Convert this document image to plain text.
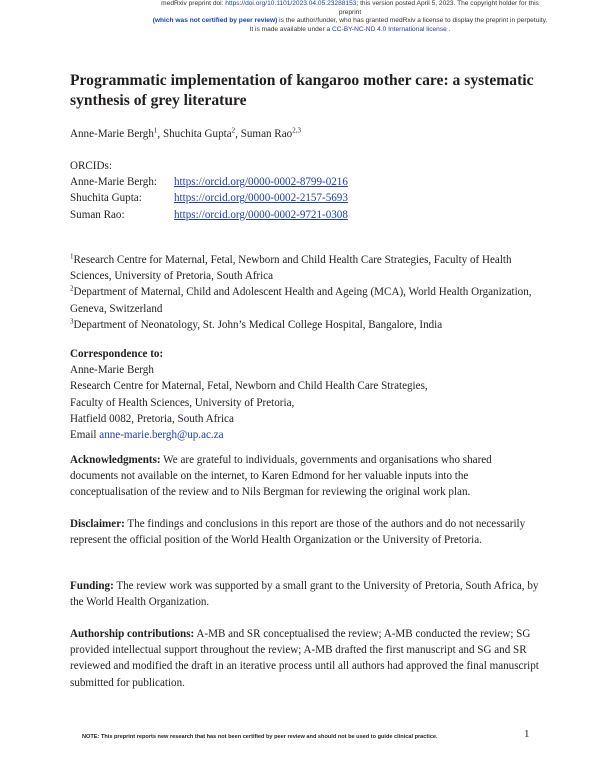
medRxiv preprint doi: https://doi.org/10.1101/2023.04.05.23288153; this version posted April 5, 2023. The copyright holder for this preprint
(which was not certified by peer review) is the author/funder, who has granted medRxiv a license to display the preprint in perpetuity.
It is made available under a CC-BY-NC-ND 4.0 International license .
Programmatic implementation of kangaroo mother care: a systematic synthesis of grey literature
Anne-Marie Bergh$^1$, Shuchita Gupta$^2$, Suman Rao$^{2,3}$
ORCIDs:
Anne-Marie Bergh:	https://orcid.org/0000-0002-8799-0216
Shuchita Gupta:	https://orcid.org/0000-0002-2157-5693
Suman Rao:	https://orcid.org/0000-0002-9721-0308
$^1$Research Centre for Maternal, Fetal, Newborn and Child Health Care Strategies, Faculty of Health Sciences, University of Pretoria, South Africa
$^2$Department of Maternal, Child and Adolescent Health and Ageing (MCA), World Health Organization, Geneva, Switzerland
$^3$Department of Neonatology, St. John’s Medical College Hospital, Bangalore, India
Correspondence to:
Anne-Marie Bergh
Research Centre for Maternal, Fetal, Newborn and Child Health Care Strategies,
Faculty of Health Sciences, University of Pretoria,
Hatfield 0082, Pretoria, South Africa
Email anne-marie.bergh@up.ac.za
Acknowledgments: We are grateful to individuals, governments and organisations who shared documents not available on the internet, to Karen Edmond for her valuable inputs into the conceptualisation of the review and to Nils Bergman for reviewing the original work plan.
Disclaimer: The findings and conclusions in this report are those of the authors and do not necessarily represent the official position of the World Health Organization or the University of Pretoria.
Funding: The review work was supported by a small grant to the University of Pretoria, South Africa, by the World Health Organization.
Authorship contributions: A-MB and SR conceptualised the review; A-MB conducted the review; SG provided intellectual support throughout the review; A-MB drafted the first manuscript and SG and SR reviewed and modified the draft in an iterative process until all authors had approved the final manuscript submitted for publication.
NOTE: This preprint reports new research that has not been certified by peer review and should not be used to guide clinical practice.	1
